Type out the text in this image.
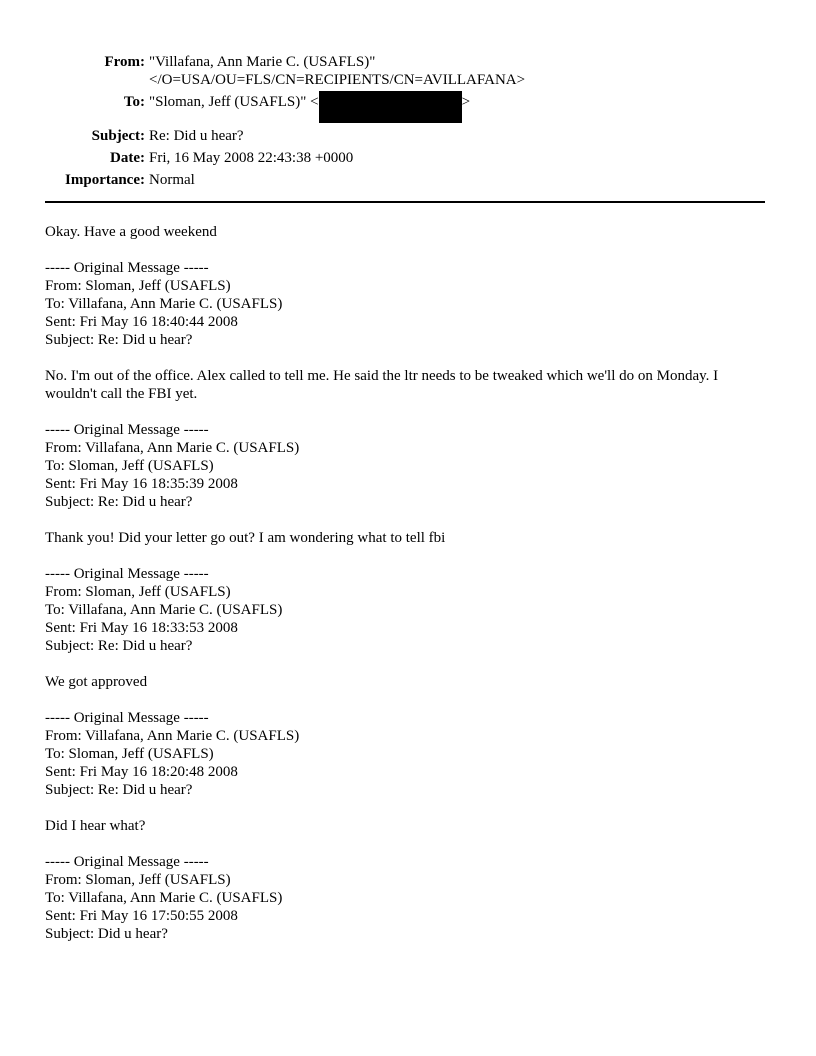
From: "Villafana, Ann Marie C. (USAFLS)"
</O=USA/OU=FLS/CN=RECIPIENTS/CN=AVILLAFANA>
To: "Sloman, Jeff (USAFLS)" <	>
Subject: Re: Did u hear?
Date: Fri, 16 May 2008 22:43:38 +0000
Importance: Normal

Okay. Have a good weekend

----- Original Message -----
From: Sloman, Jeff (USAFLS)
To: Villafana, Ann Marie C. (USAFLS)
Sent: Fri May 16 18:40:44 2008
Subject: Re: Did u hear?

No. I'm out of the office. Alex called to tell me. He said the ltr needs to be tweaked which we'll do on Monday. I wouldn't call the FBI yet.

----- Original Message -----
From: Villafana, Ann Marie C. (USAFLS)
To: Sloman, Jeff (USAFLS)
Sent: Fri May 16 18:35:39 2008
Subject: Re: Did u hear?

Thank you! Did your letter go out? I am wondering what to tell fbi

----- Original Message -----
From: Sloman, Jeff (USAFLS)
To: Villafana, Ann Marie C. (USAFLS)
Sent: Fri May 16 18:33:53 2008
Subject: Re: Did u hear?

We got approved

----- Original Message -----
From: Villafana, Ann Marie C. (USAFLS)
To: Sloman, Jeff (USAFLS)
Sent: Fri May 16 18:20:48 2008
Subject: Re: Did u hear?

Did I hear what?

----- Original Message -----
From: Sloman, Jeff (USAFLS)
To: Villafana, Ann Marie C. (USAFLS)
Sent: Fri May 16 17:50:55 2008
Subject: Did u hear?
